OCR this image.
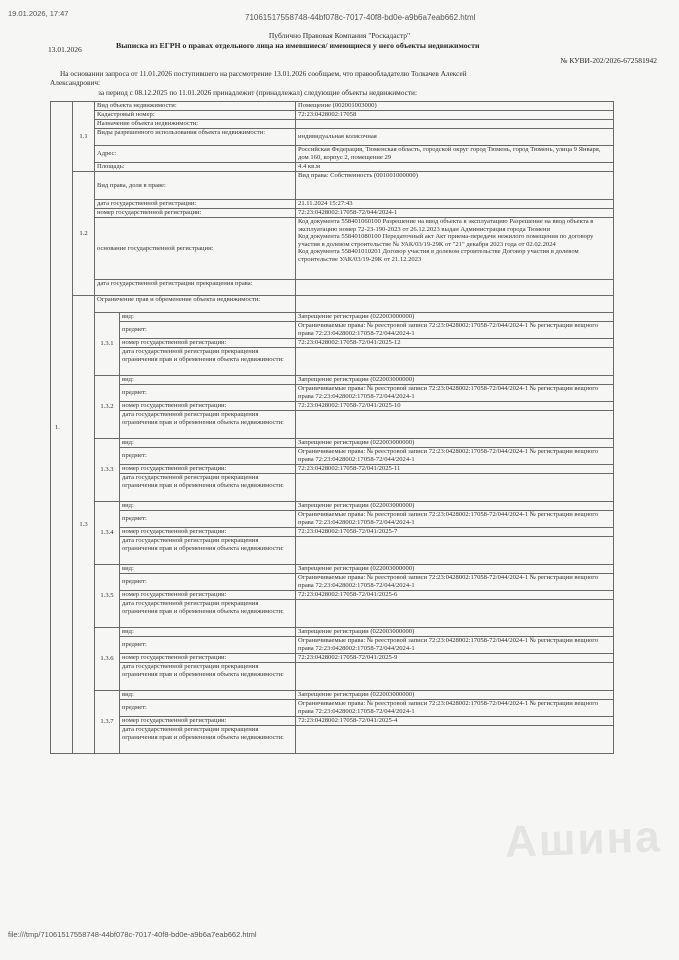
19.01.2026, 17:47	71061517558748-44bf078c-7017-40f8-bd0e-a9b6a7eab662.html
Публично Правовая Компания "Роскадастр"
13.01.2026	Выписка из ЕГРН о правах отдельного лица на имевшиеся/ имеющиеся у него объекты недвижимости
№ КУВИ-202/2026-672581942
На основании запроса от 11.01.2026 поступившего на рассмотрение 13.01.2026 сообщаем, что правообладателю Толкачев Алексей
Александрович:
за период с 08.12.2025 по 11.01.2026 принадлежит (принадлежал) следующие объекты недвижимости:
1.	1.1	Вид объекта недвижимости:		Помещение (002001003000)
		Кадастровый номер:		72:23:0428002:17058
		Назначение объекта недвижимости:		
		Виды разрешенного использования объекта недвижимости:		индивидуальная колясочная
		Адрес:		Российская Федерация, Тюменская область, городской округ город Тюмень, город Тюмень, улица 9 Января, дом 160, корпус 2, помещение 29
		Площадь:		4.4 кв.м
	1.2	Вид права, доля в праве:		Вид права: Собственность (001001000000)
		дата государственной регистрации:		21.11.2024 15:27:43
		номер государственной регистрации:		72:23:0428002:17058-72/044/2024-1
		основание государственной регистрации:		Код документа 558401060100 Разрешение на ввод объекта в эксплуатацию Разрешение на ввод объекта в эксплуатацию номер 72-23-190-2023 от 26.12.2023 выдан Администрация города Тюмени
Код документа 558401080100 Передаточный акт Акт приема-передачи нежилого помещения по договору участия в долевом строительстве № УАК/03/19-29К от "21" декабря 2023 года от 02.02.2024
Код документа 558401010201 Договор участия в долевом строительстве Договор участия в долевом строительстве УАК/03/19-29К от 21.12.2023

		дата государственной регистрации прекращения права:		
	1.3	Ограничение прав и обременение объекта недвижимости:		
		1.3.1	вид:	Запрещение регистрации (022003000000)
			предмет:	Ограничиваемые права: № реестровой записи 72:23:0428002:17058-72/044/2024-1 № регистрации вещного права 72:23:0428002:17058-72/044/2024-1
			номер государственной регистрации:	72:23:0428002:17058-72/041/2025-12
			дата государственной регистрации прекращения ограничения прав и обременения объекта недвижимости:	
		1.3.2	вид:	Запрещение регистрации (022003000000)
			предмет:	Ограничиваемые права: № реестровой записи 72:23:0428002:17058-72/044/2024-1 № регистрации вещного права 72:23:0428002:17058-72/044/2024-1
			номер государственной регистрации:	72:23:0428002:17058-72/041/2025-10
			дата государственной регистрации прекращения ограничения прав и обременения объекта недвижимости:	
		1.3.3	вид:	Запрещение регистрации (022003000000)
			предмет:	Ограничиваемые права: № реестровой записи 72:23:0428002:17058-72/044/2024-1 № регистрации вещного права 72:23:0428002:17058-72/044/2024-1
			номер государственной регистрации:	72:23:0428002:17058-72/041/2025-11
			дата государственной регистрации прекращения ограничения прав и обременения объекта недвижимости:	
		1.3.4	вид:	Запрещение регистрации (022003000000)
			предмет:	Ограничиваемые права: № реестровой записи 72:23:0428002:17058-72/044/2024-1 № регистрации вещного права 72:23:0428002:17058-72/044/2024-1
			номер государственной регистрации:	72:23:0428002:17058-72/041/2025-7
			дата государственной регистрации прекращения ограничения прав и обременения объекта недвижимости:	
		1.3.5	вид:	Запрещение регистрации (022003000000)
			предмет:	Ограничиваемые права: № реестровой записи 72:23:0428002:17058-72/044/2024-1 № регистрации вещного права 72:23:0428002:17058-72/044/2024-1
			номер государственной регистрации:	72:23:0428002:17058-72/041/2025-6
			дата государственной регистрации прекращения ограничения прав и обременения объекта недвижимости:	
		1.3.6	вид:	Запрещение регистрации (022003000000)
			предмет:	Ограничиваемые права: № реестровой записи 72:23:0428002:17058-72/044/2024-1 № регистрации вещного права 72:23:0428002:17058-72/044/2024-1
			номер государственной регистрации:	72:23:0428002:17058-72/041/2025-9
			дата государственной регистрации прекращения ограничения прав и обременения объекта недвижимости:	
		1.3.7	вид:	Запрещение регистрации (022003000000)
			предмет:	Ограничиваемые права: № реестровой записи 72:23:0428002:17058-72/044/2024-1 № регистрации вещного права 72:23:0428002:17058-72/044/2024-1
			номер государственной регистрации:	72:23:0428002:17058-72/041/2025-4
			дата государственной регистрации прекращения ограничения прав и обременения объекта недвижимости:	
Ашина
file:///tmp/71061517558748-44bf078c-7017-40f8-bd0e-a9b6a7eab662.html
